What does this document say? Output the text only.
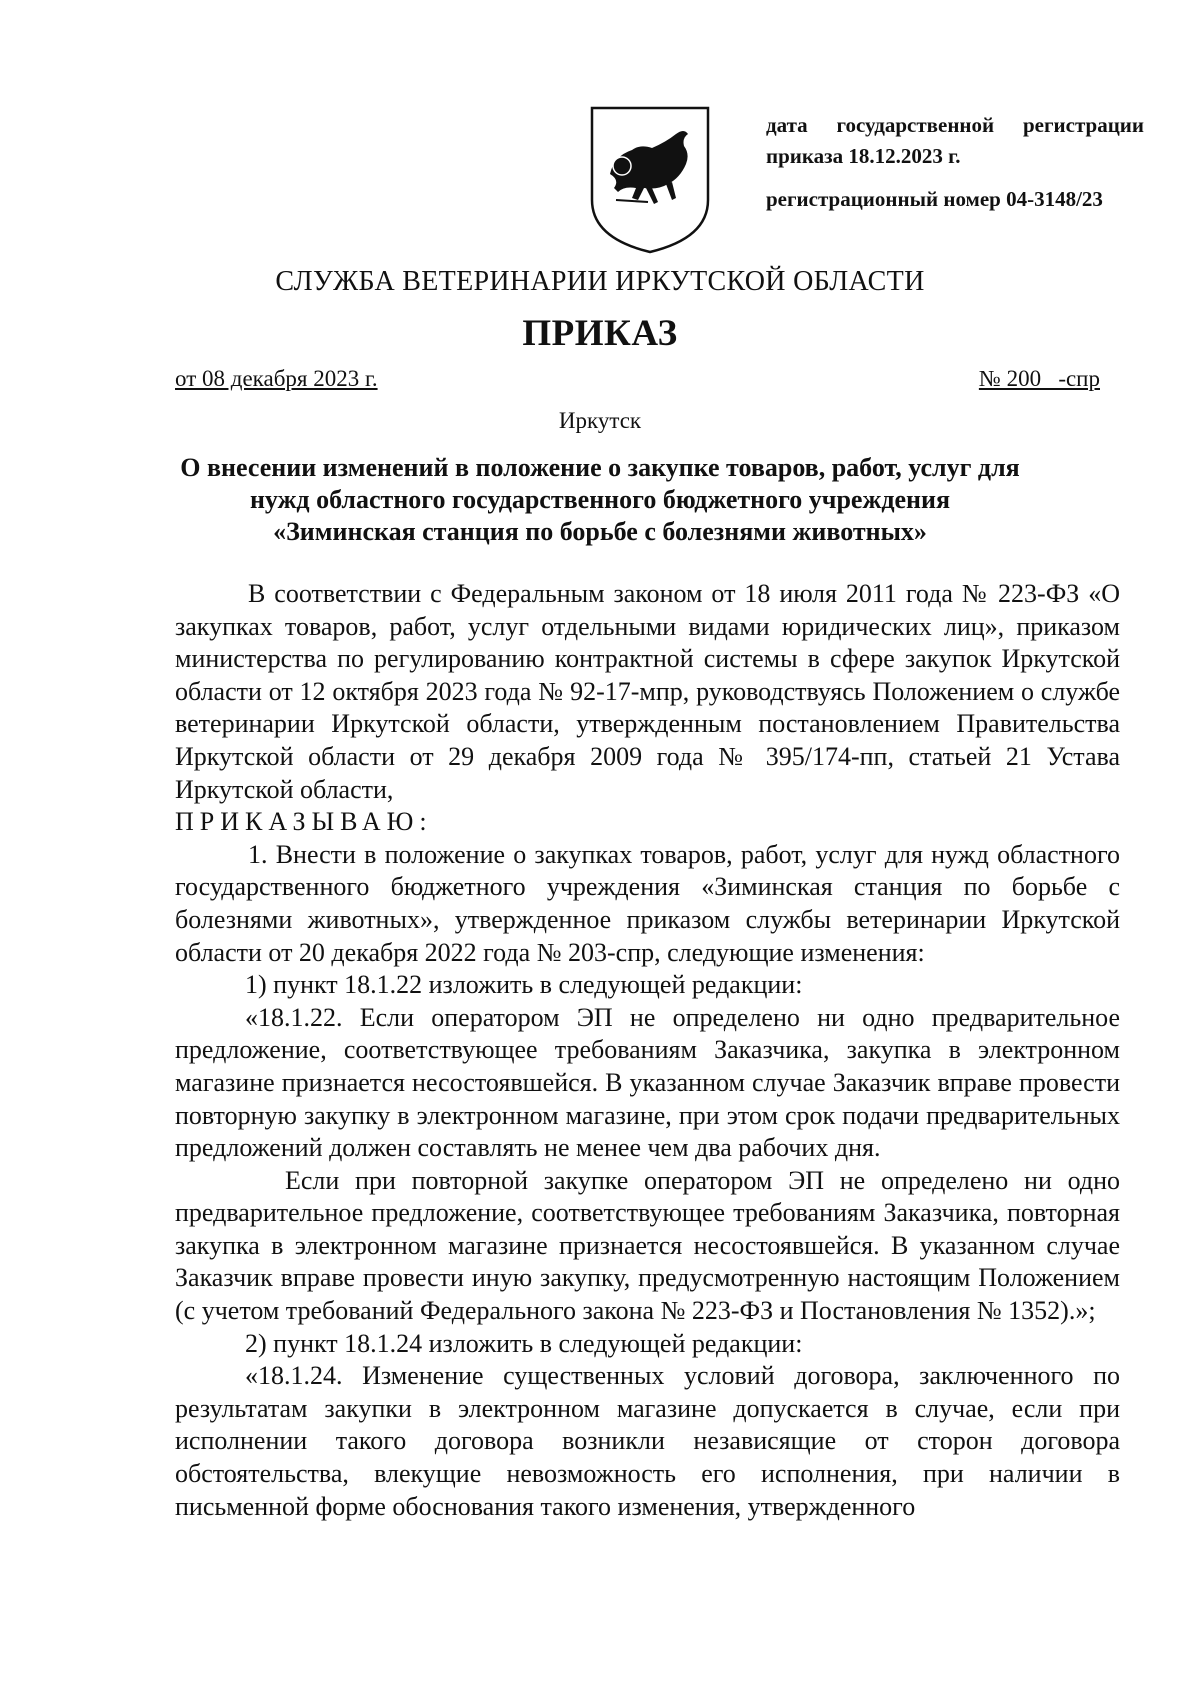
дата государственной регистрации
приказа 18.12.2023 г.
регистрационный номер 04-3148/23
СЛУЖБА ВЕТЕРИНАРИИ ИРКУТСКОЙ ОБЛАСТИ
ПРИКАЗ
от 08 декабря 2023 г.	№ 200   -спр
Иркутск
О внесении изменений в положение о закупке товаров, работ, услуг для
нужд областного государственного бюджетного учреждения
«Зиминская станция по борьбе с болезнями животных»

В соответствии с Федеральным законом от 18 июля 2011 года № 223-ФЗ «О закупках товаров, работ, услуг отдельными видами юридических лиц», приказом министерства по регулированию контрактной системы в сфере закупок Иркутской области от 12 октября 2023 года № 92-17-мпр, руководствуясь Положением о службе ветеринарии Иркутской области, утвержденным постановлением Правительства Иркутской области от 29 декабря 2009 года № 395/174-пп, статьей 21 Устава Иркутской области,

ПРИКАЗЫВАЮ:

1. Внести в положение о закупках товаров, работ, услуг для нужд областного государственного бюджетного учреждения «Зиминская станция по борьбе с болезнями животных», утвержденное приказом службы ветеринарии Иркутской области от 20 декабря 2022 года № 203-спр, следующие изменения:

1) пункт 18.1.22 изложить в следующей редакции:

«18.1.22. Если оператором ЭП не определено ни одно предварительное предложение, соответствующее требованиям Заказчика, закупка в электронном магазине признается несостоявшейся. В указанном случае Заказчик вправе провести повторную закупку в электронном магазине, при этом срок подачи предварительных предложений должен составлять не менее чем два рабочих дня.

Если при повторной закупке оператором ЭП не определено ни одно предварительное предложение, соответствующее требованиям Заказчика, повторная закупка в электронном магазине признается несостоявшейся. В указанном случае Заказчик вправе провести иную закупку, предусмотренную настоящим Положением (с учетом требований Федерального закона № 223-ФЗ и Постановления № 1352).»;

2) пункт 18.1.24 изложить в следующей редакции:

«18.1.24. Изменение существенных условий договора, заключенного по результатам закупки в электронном магазине допускается в случае, если при исполнении такого договора возникли независящие от сторон договора обстоятельства, влекущие невозможность его исполнения, при наличии в письменной форме обоснования такого изменения, утвержденного
